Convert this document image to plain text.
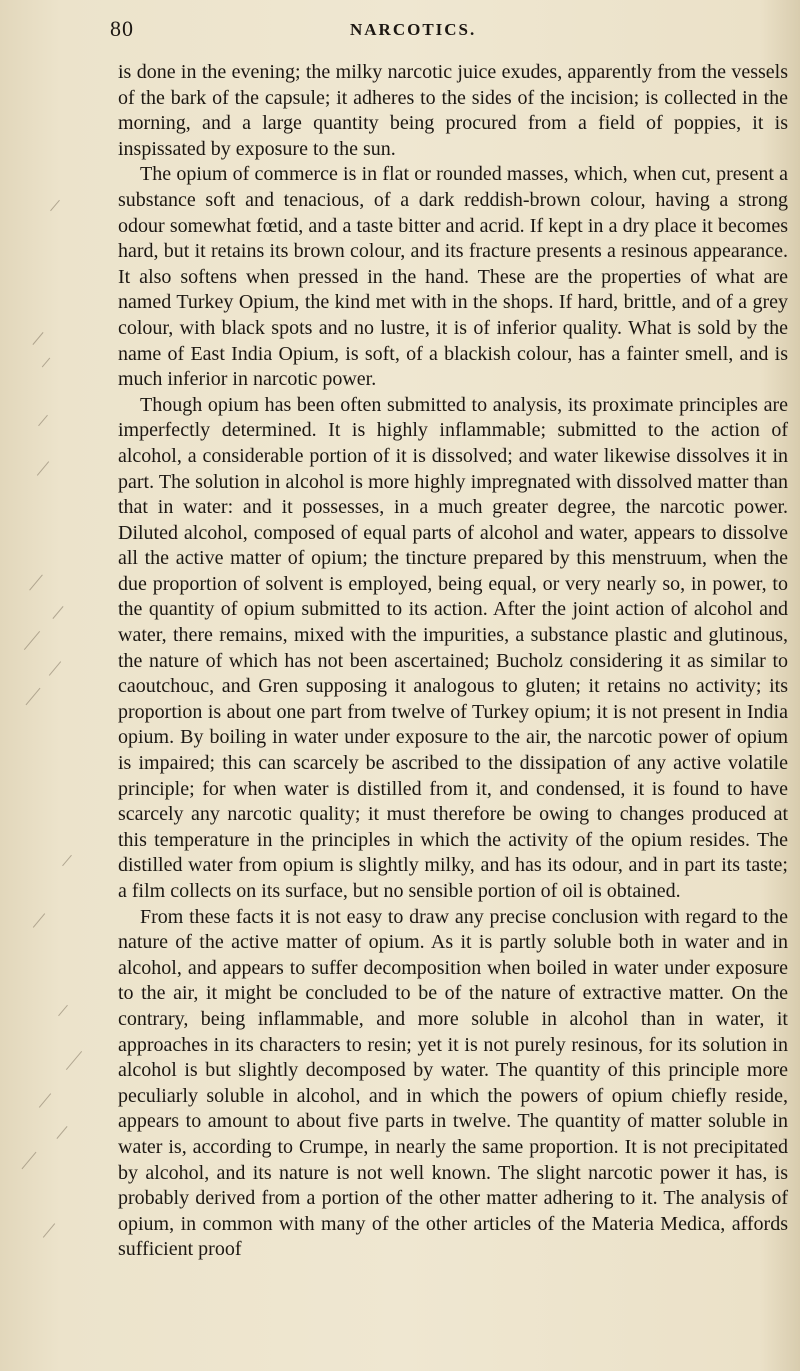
80	NARCOTICS.

is done in the evening; the milky narcotic juice exudes, apparently from the vessels of the bark of the capsule; it adheres to the sides of the incision; is collected in the morning, and a large quantity being procured from a field of poppies, it is inspissated by exposure to the sun.

The opium of commerce is in flat or rounded masses, which, when cut, present a substance soft and tenacious, of a dark reddish-brown colour, having a strong odour somewhat fœtid, and a taste bitter and acrid. If kept in a dry place it becomes hard, but it retains its brown colour, and its fracture presents a resinous appearance. It also softens when pressed in the hand. These are the properties of what are named Turkey Opium, the kind met with in the shops. If hard, brittle, and of a grey colour, with black spots and no lustre, it is of inferior quality. What is sold by the name of East India Opium, is soft, of a blackish colour, has a fainter smell, and is much inferior in narcotic power.

Though opium has been often submitted to analysis, its proximate principles are imperfectly determined. It is highly inflammable; submitted to the action of alcohol, a considerable portion of it is dissolved; and water likewise dissolves it in part. The solution in alcohol is more highly impregnated with dissolved matter than that in water: and it possesses, in a much greater degree, the narcotic power. Diluted alcohol, composed of equal parts of alcohol and water, appears to dissolve all the active matter of opium; the tincture prepared by this menstruum, when the due proportion of solvent is employed, being equal, or very nearly so, in power, to the quantity of opium submitted to its action. After the joint action of alcohol and water, there remains, mixed with the impurities, a substance plastic and glutinous, the nature of which has not been ascertained; Bucholz considering it as similar to caoutchouc, and Gren supposing it analogous to gluten; it retains no activity; its proportion is about one part from twelve of Turkey opium; it is not present in India opium. By boiling in water under exposure to the air, the narcotic power of opium is impaired; this can scarcely be ascribed to the dissipation of any active volatile principle; for when water is distilled from it, and condensed, it is found to have scarcely any narcotic quality; it must therefore be owing to changes produced at this temperature in the principles in which the activity of the opium resides. The distilled water from opium is slightly milky, and has its odour, and in part its taste; a film collects on its surface, but no sensible portion of oil is obtained.

From these facts it is not easy to draw any precise conclusion with regard to the nature of the active matter of opium. As it is partly soluble both in water and in alcohol, and appears to suffer decomposition when boiled in water under exposure to the air, it might be concluded to be of the nature of extractive matter. On the contrary, being inflammable, and more soluble in alcohol than in water, it approaches in its characters to resin; yet it is not purely resinous, for its solution in alcohol is but slightly decomposed by water. The quantity of this principle more peculiarly soluble in alcohol, and in which the powers of opium chiefly reside, appears to amount to about five parts in twelve. The quantity of matter soluble in water is, according to Crumpe, in nearly the same proportion. It is not precipitated by alcohol, and its nature is not well known. The slight narcotic power it has, is probably derived from a portion of the other matter adhering to it. The analysis of opium, in common with many of the other articles of the Materia Medica, affords sufficient proof
